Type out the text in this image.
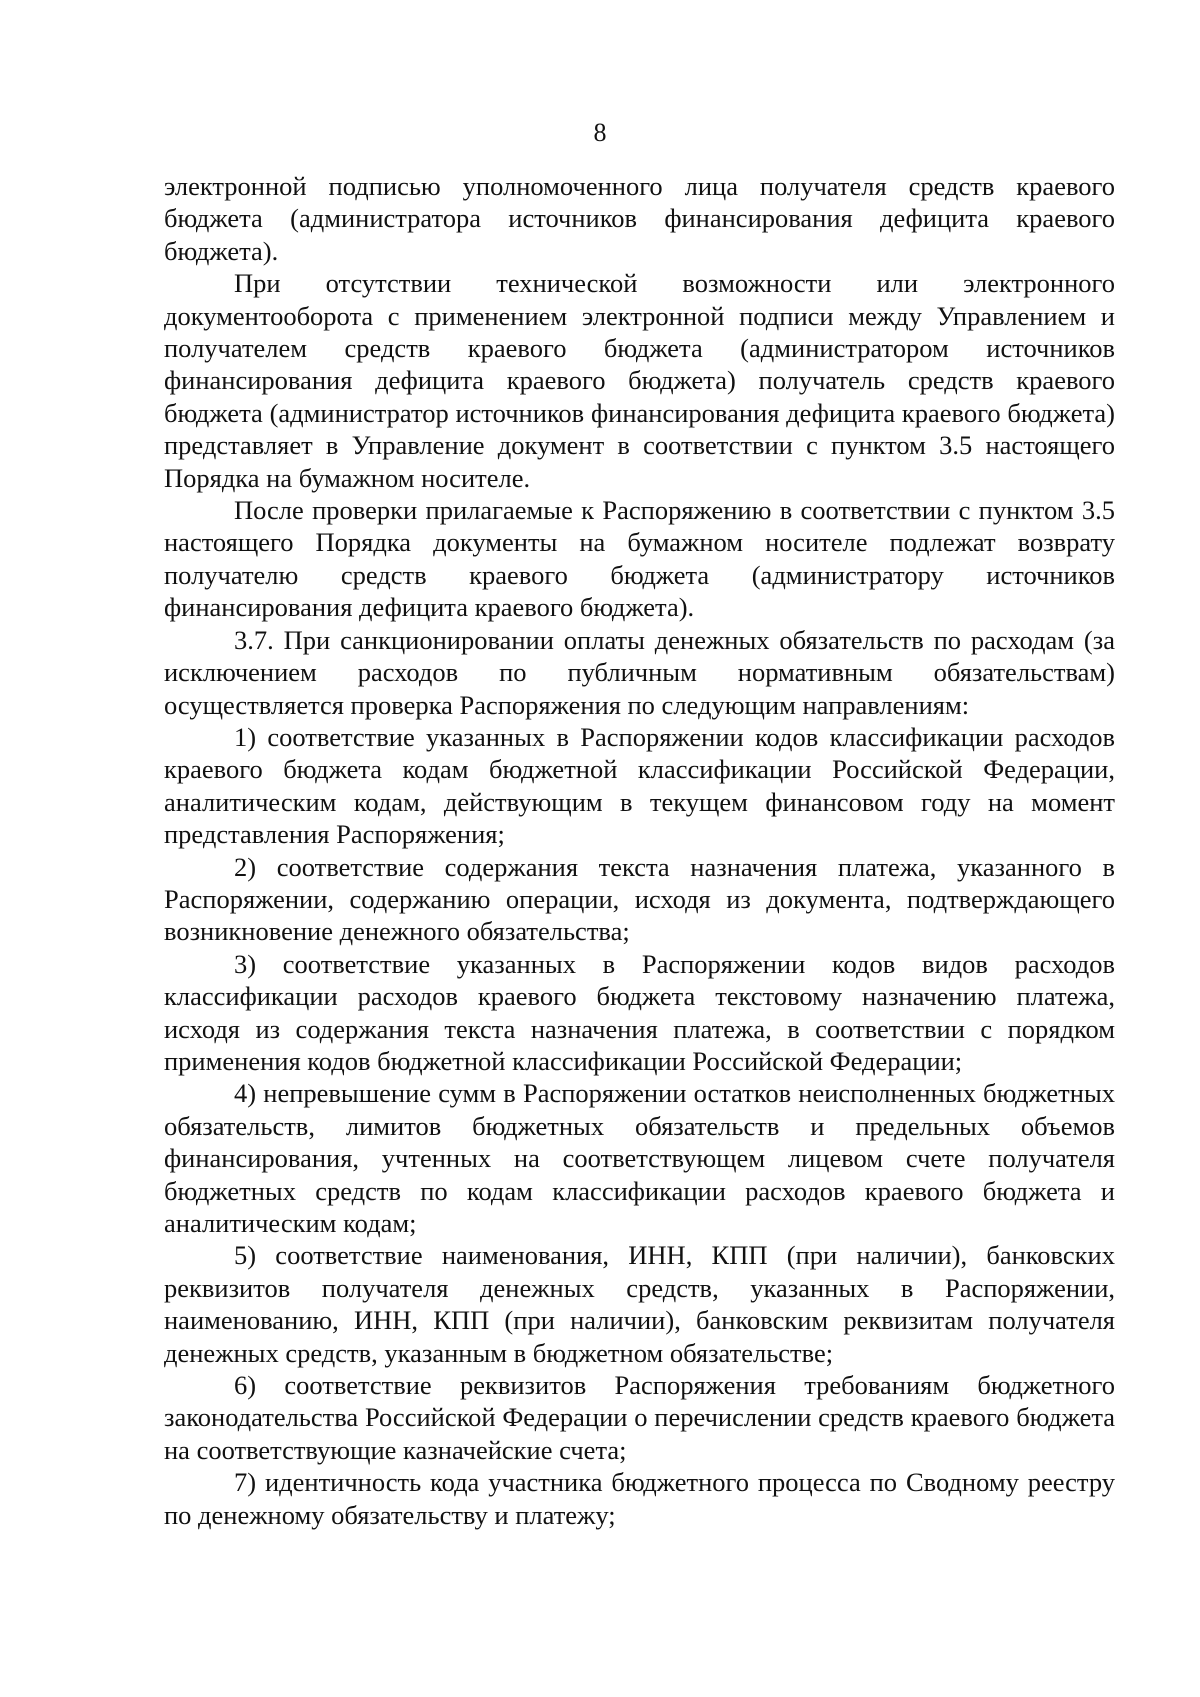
8

электронной подписью уполномоченного лица получателя средств краевого бюджета (администратора источников финансирования дефицита краевого бюджета).

При отсутствии технической возможности или электронного документооборота с применением электронной подписи между Управлением и получателем средств краевого бюджета (администратором источников финансирования дефицита краевого бюджета) получатель средств краевого бюджета (администратор источников финансирования дефицита краевого бюджета) представляет в Управление документ в соответствии с пунктом 3.5 настоящего Порядка на бумажном носителе.

После проверки прилагаемые к Распоряжению в соответствии с пунктом 3.5 настоящего Порядка документы на бумажном носителе подлежат возврату получателю средств краевого бюджета (администратору источников финансирования дефицита краевого бюджета).

3.7. При санкционировании оплаты денежных обязательств по расходам (за исключением расходов по публичным нормативным обязательствам) осуществляется проверка Распоряжения по следующим направлениям:

1) соответствие указанных в Распоряжении кодов классификации расходов краевого бюджета кодам бюджетной классификации Российской Федерации, аналитическим кодам, действующим в текущем финансовом году на момент представления Распоряжения;

2) соответствие содержания текста назначения платежа, указанного в Распоряжении, содержанию операции, исходя из документа, подтверждающего возникновение денежного обязательства;

3) соответствие указанных в Распоряжении кодов видов расходов классификации расходов краевого бюджета текстовому назначению платежа, исходя из содержания текста назначения платежа, в соответствии с порядком применения кодов бюджетной классификации Российской Федерации;

4) непревышение сумм в Распоряжении остатков неисполненных бюджетных обязательств, лимитов бюджетных обязательств и предельных объемов финансирования, учтенных на соответствующем лицевом счете получателя бюджетных средств по кодам классификации расходов краевого бюджета и аналитическим кодам;

5) соответствие наименования, ИНН, КПП (при наличии), банковских реквизитов получателя денежных средств, указанных в Распоряжении, наименованию, ИНН, КПП (при наличии), банковским реквизитам получателя денежных средств, указанным в бюджетном обязательстве;

6) соответствие реквизитов Распоряжения требованиям бюджетного законодательства Российской Федерации о перечислении средств краевого бюджета на соответствующие казначейские счета;

7) идентичность кода участника бюджетного процесса по Сводному реестру по денежному обязательству и платежу;
